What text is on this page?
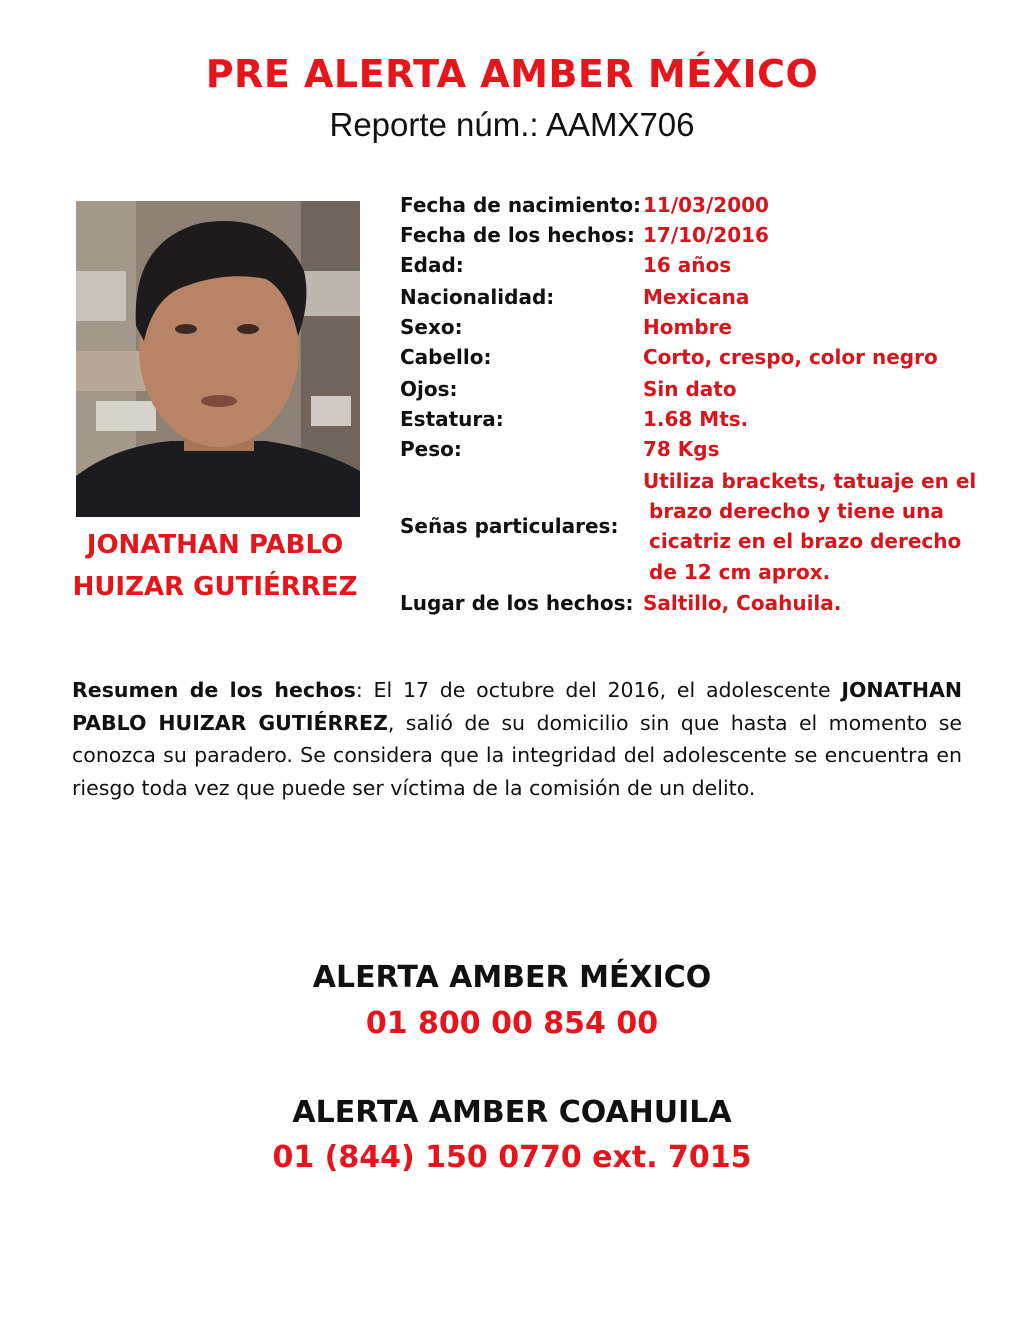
PRE ALERTA AMBER MÉXICO
Reporte núm.: AAMX706
JONATHAN PABLO
HUIZAR GUTIÉRREZ
Fecha de nacimiento: 11/03/2000
Fecha de los hechos: 17/10/2016
Edad:	16 años
Nacionalidad:	Mexicana
Sexo:	Hombre
Cabello:	Corto, crespo, color negro
Ojos:	Sin dato
Estatura:	1.68 Mts.
Peso:	78 Kgs
Señas particulares:
Utiliza brackets, tatuaje en el
brazo derecho y tiene una
cicatriz en el brazo derecho
de 12 cm aprox.
Lugar de los hechos: Saltillo, Coahuila.
Resumen de los hechos: El 17 de octubre del 2016, el adolescente JONATHAN PABLO HUIZAR GUTIÉRREZ, salió de su domicilio sin que hasta el momento se conozca su paradero. Se considera que la integridad del adolescente se encuentra en riesgo toda vez que puede ser víctima de la comisión de un delito.
ALERTA AMBER MÉXICO
01 800 00 854 00
ALERTA AMBER COAHUILA
01 (844) 150 0770 ext. 7015
